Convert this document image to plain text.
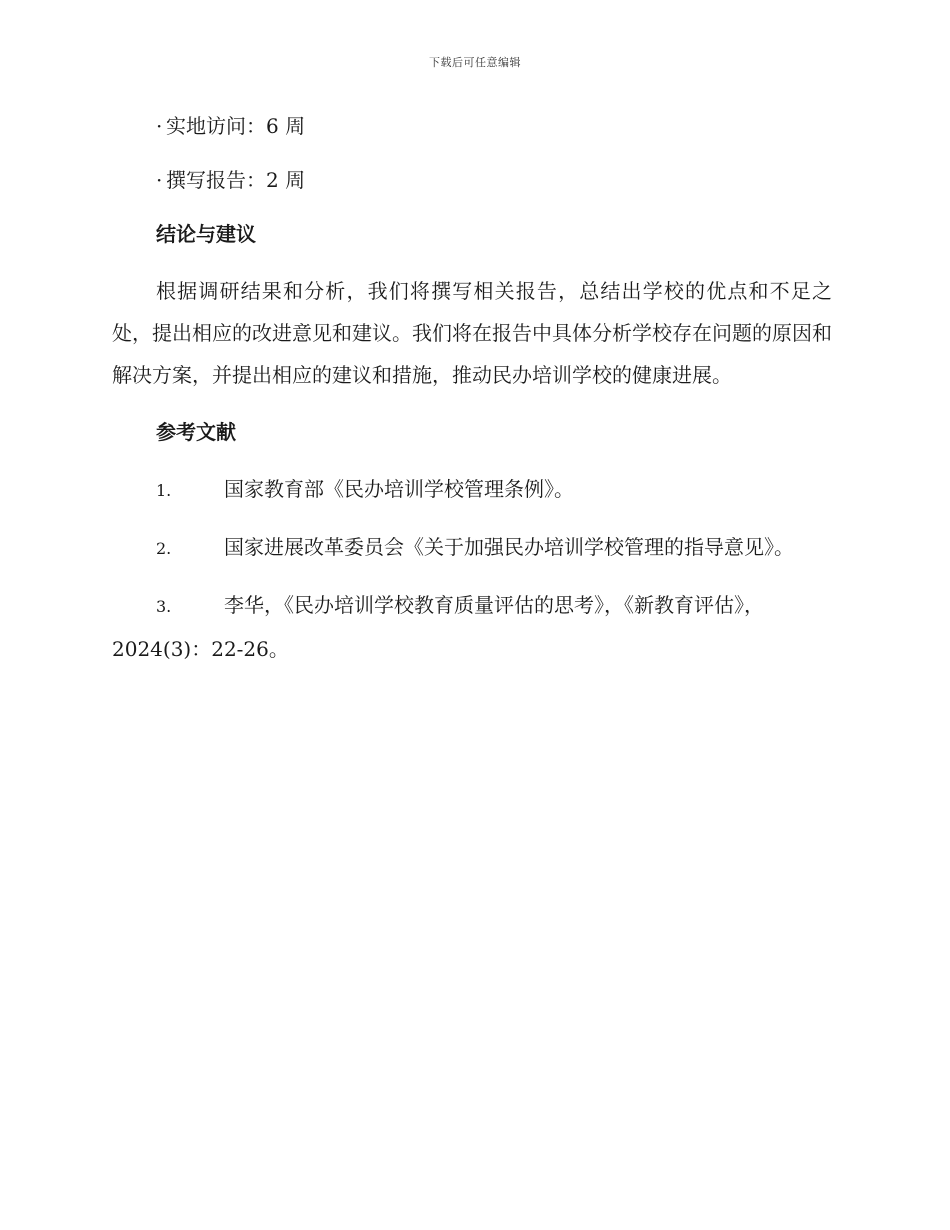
下载后可任意编辑

· 实地访问：6 周

· 撰写报告：2 周

结论与建议

根据调研结果和分析，我们将撰写相关报告，总结出学校的优点和不足之处，提出相应的改进意见和建议。我们将在报告中具体分析学校存在问题的原因和解决方案，并提出相应的建议和措施，推动民办培训学校的健康进展。

参考文献

1.	国家教育部《民办培训学校管理条例》。

2.	国家进展改革委员会《关于加强民办培训学校管理的指导意见》。

3.	李华，《民办培训学校教育质量评估的思考》，《新教育评估》，2024(3)：22-26。
